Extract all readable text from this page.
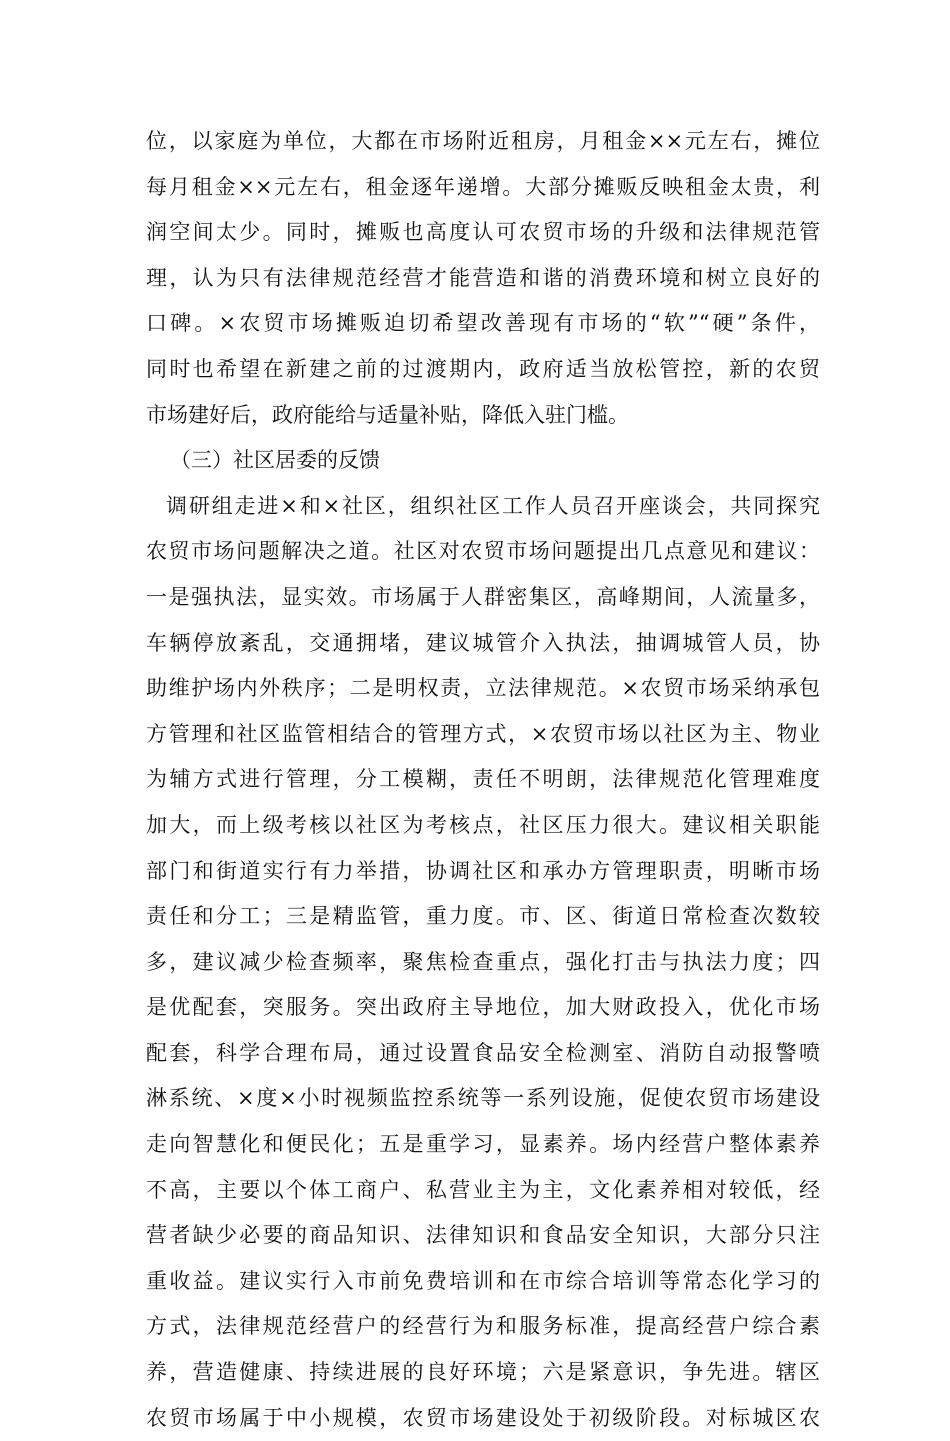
位，以家庭为单位，大都在市场附近租房，月租金××元左右，摊位
每月租金××元左右，租金逐年递增。大部分摊贩反映租金太贵，利
润空间太少。同时，摊贩也高度认可农贸市场的升级和法律规范管
理，认为只有法律规范经营才能营造和谐的消费环境和树立良好的
口碑。×农贸市场摊贩迫切希望改善现有市场的“软”“硬”条件，
同时也希望在新建之前的过渡期内，政府适当放松管控，新的农贸
市场建好后，政府能给与适量补贴，降低入驻门槛。
（三）社区居委的反馈
调研组走进×和×社区，组织社区工作人员召开座谈会，共同探究
农贸市场问题解决之道。社区对农贸市场问题提出几点意见和建议：
一是强执法，显实效。市场属于人群密集区，高峰期间，人流量多，
车辆停放紊乱，交通拥堵，建议城管介入执法，抽调城管人员，协
助维护场内外秩序；二是明权责，立法律规范。×农贸市场采纳承包
方管理和社区监管相结合的管理方式，×农贸市场以社区为主、物业
为辅方式进行管理，分工模糊，责任不明朗，法律规范化管理难度
加大，而上级考核以社区为考核点，社区压力很大。建议相关职能
部门和街道实行有力举措，协调社区和承办方管理职责，明晰市场
责任和分工；三是精监管，重力度。市、区、街道日常检查次数较
多，建议减少检查频率，聚焦检查重点，强化打击与执法力度；四
是优配套，突服务。突出政府主导地位，加大财政投入，优化市场
配套，科学合理布局，通过设置食品安全检测室、消防自动报警喷
淋系统、×度×小时视频监控系统等一系列设施，促使农贸市场建设
走向智慧化和便民化；五是重学习，显素养。场内经营户整体素养
不高，主要以个体工商户、私营业主为主，文化素养相对较低，经
营者缺少必要的商品知识、法律知识和食品安全知识，大部分只注
重收益。建议实行入市前免费培训和在市综合培训等常态化学习的
方式，法律规范经营户的经营行为和服务标准，提高经营户综合素
养，营造健康、持续进展的良好环境；六是紧意识，争先进。辖区
农贸市场属于中小规模，农贸市场建设处于初级阶段。对标城区农
